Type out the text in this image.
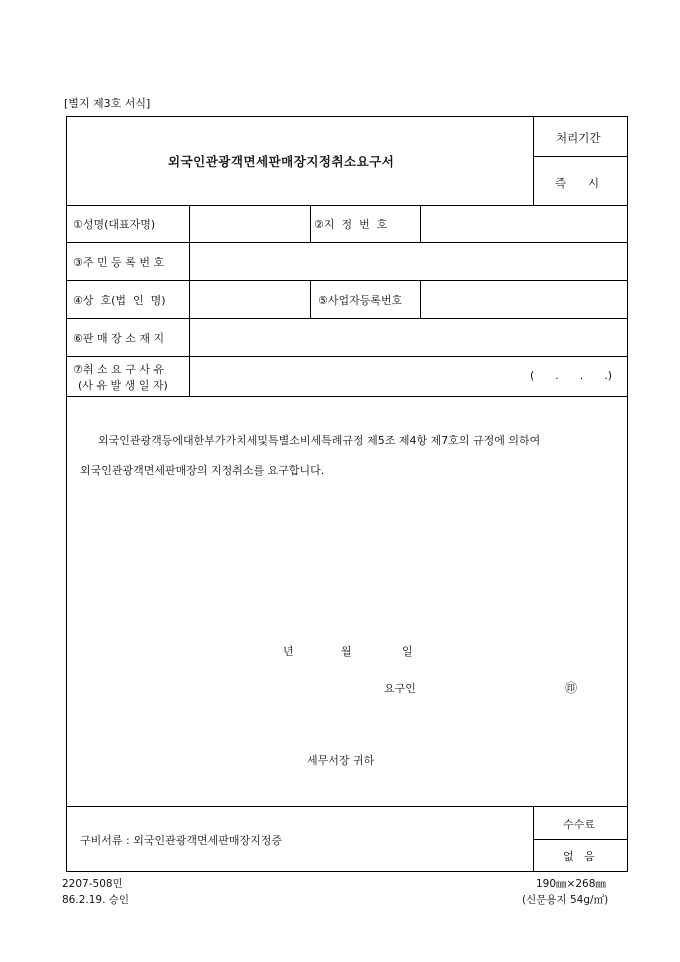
[별지 제3호 서식]
외국인관광객면세판매장지정취소요구서
처리기간
즉      시
①성명(대표자명)	②지  정  번  호
③주 민 등 록 번 호
④상  호(법  인  명)	⑤사업자등록번호
⑥판 매 장 소 재 지
⑦취 소 요 구 사 유
(사 유 발 생 일 자)
(      .      .      .)
외국인관광객등에대한부가가치세및특별소비세특례규정 제5조 제4항 제7호의 규정에 의하여
외국인관광객면세판매장의 지정취소를 요구합니다.
년	월	일
요구인	㊞
세무서장 귀하
구비서류 : 외국인관광객면세판매장지정증
수수료
없   음
2207-508민
86.2.19. 승인
190㎜×268㎜
(신문용지 54g/㎡)
